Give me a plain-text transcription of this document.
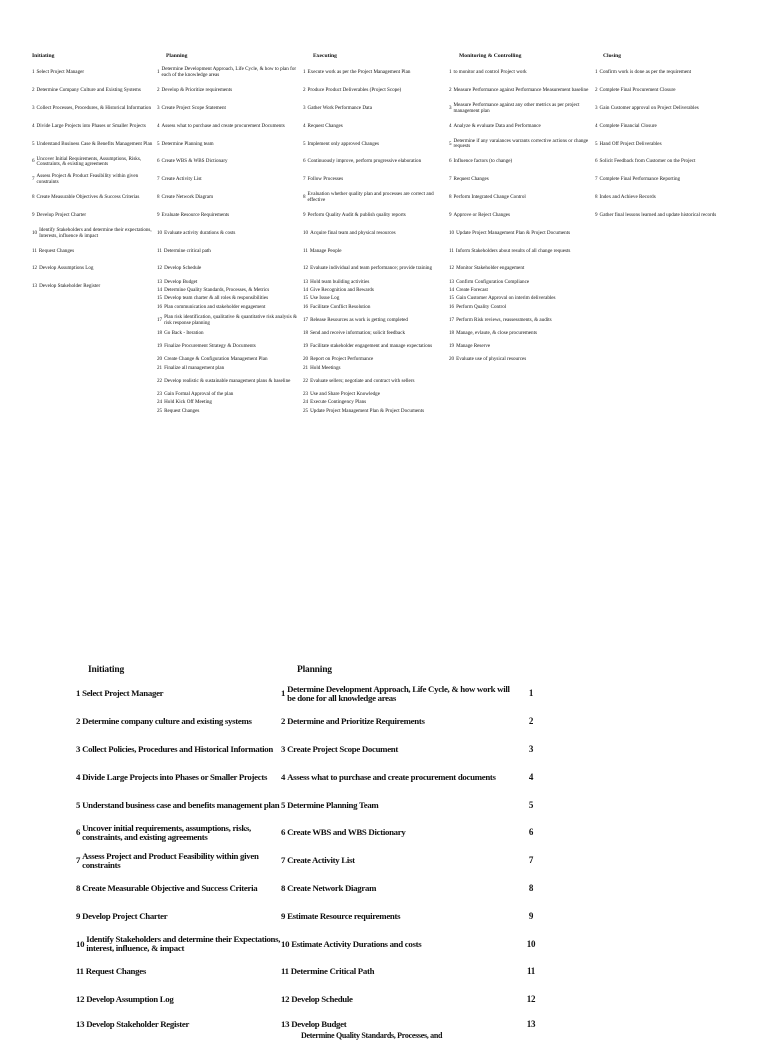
Initiating
1 Select Project Manager
2 Determine Company Culture and Existing Systems
3 Collect Processes, Procedures, & Historical Information
4 Divide Large Projects into Phases or Smaller Projects
5 Understand Business Case & Benefits Management Plan
6 Uncover Initial Requirements, Assumptions, Risks, Constraints, & existing agreements
7 Assess Project & Product Feasibility within given constraints
8 Create Measurable Objectives & Success Criterias
9 Develop Project Charter
10 Identify Stakeholders and determine their expectations, Interests, influence & impact
11 Request Changes
12 Develop Assumptions Log
13 Develop Stakeholder Register
Planning
1 Determine Development Approach, Life Cycle, & how to plan for each of the knowledge areas
2 Develop & Prioritize requirements
3 Create Project Scope Statement
4 Assess what to purchase and create procurement Documents
5 Determine Planning team
6 Create WBS & WBS Dictionary
7 Create Activity List
8 Create Network Diagram
9 Evaluate Resource Requirements
10 Evaluate activity durations & costs
11 Determine critical path
12 Develop Schedule
13 Develop Budget
14 Determine Quality Standards, Processes, & Metrics
15 Develop team charter & all roles & responsibilities
16 Plan communication and stakeholder engagement
17 Plan risk identification, qualitative & quantitative risk analysis & risk response planning
18 Go Back - Iteration
19 Finalize Procurement Strategy & Documents
20 Create Change & Configuration Management Plan
21 Finalize all management plan
22 Develop realistic & sustainable management plans & baseline
23 Gain Formal Approval of the plan
24 Hold Kick Off Meeting
25 Request Changes
Executing
1 Execute work as per the Project Management Plan
2 Produce Product Deliverables (Project Scope)
3 Gather Work Performance Data
4 Request Changes
5 Implement only approved Changes
6 Continuously improve, perform progressive elaboration
7 Follow Processes
8 Evaluation whether quality plan and processes are correct and effective
9 Perform Quality Audit & publish quality reports
10 Acquire final team and physical resources
11 Manage People
12 Evaluate individual and team performance; provide training
13 Hold team building activities
14 Give Recognition and Rewards
15 Use Issue Log
16 Facilitate Conflict Resolution
17 Release Resources as work is getting completed
18 Send and receive information; solicit feedback
19 Facilitate stakeholder engagement and manage expectations
20 Report on Project Performance
21 Hold Meetings
22 Evaluate sellers; negotiate and contract with sellers
23 Use and Share Project Knowledge
24 Execute Contingency Plans
25 Update Project Management Plan & Project Documents
Monitoring & Controlling
1 to monitor and control Project work
2 Measure Performance against Performance Measurement baseline
3 Measure Performance against any other metrics as per project management plan
4 Analyze & evaluate Data and Performance
5 Determine if any varaiances warrants corrective actions or change requests
6 Influence factors (to change)
7 Request Changes
8 Perform Integrated Change Control
9 Approve or Reject Changes
10 Update Project Management Plan & Project Documents
11 Inform Stakeholders about results of all change requests
12 Monitor Stakeholder engagement
13 Confirm Configuration Compliance
14 Create Forecast
15 Gain Customer Approval on interim deliverables
16 Perform Quality Control
17 Perform Risk reviews, reassessments, & audits
18 Manage, evlaute, & close procurements
19 Manage Reserve
20 Evaluate use of physical resources
Closing
1 Confirm work is done as per the requirement
2 Complete Final Procurement Closure
3 Gain Customer approval on Project Deliverables
4 Complete Financial Closure
5 Hand Off Project Deliverables
6 Solicit Feedback from Customer on the Project
7 Complete Final Performance Reporting
8 Index and Achieve Records
9 Gather final lessons learned and update historical records
Initiating	Planning
1 Select Project Manager	1 Determine Development Approach, Life Cycle, & how work will be done for all knowledge areas	1
2 Determine company culture and existing systems	2 Determine and Prioritize Requirements	2
3 Collect Policies, Procedures and Historical Information 3 Create Project Scope Document	3
4 Divide Large Projects into Phases or Smaller Projects	4 Assess what to purchase and create procurement documents	4
5 Understand business case and benefits management plan 5 Determine Planning Team	5
6 Uncover initial requirements, assumptions, risks, constraints, and existing agreements	6 Create WBS and WBS Dictionary	6
7 Assess Project and Product Feasibility within given constraints	7 Create Activity List	7
8 Create Measurable Objective and Success Criteria	8 Create Network Diagram	8
9 Develop Project Charter	9 Estimate Resource requirements	9
10 Identify Stakeholders and determine their Expectations, interest, influence, & impact	10 Estimate Activity Durations and costs	10
11 Request Changes	11 Determine Critical Path	11
12 Develop Assumption Log	12 Develop Schedule	12
13 Develop Stakeholder Register	13 Develop Budget	13
Determine Quality Standards, Processes, and
